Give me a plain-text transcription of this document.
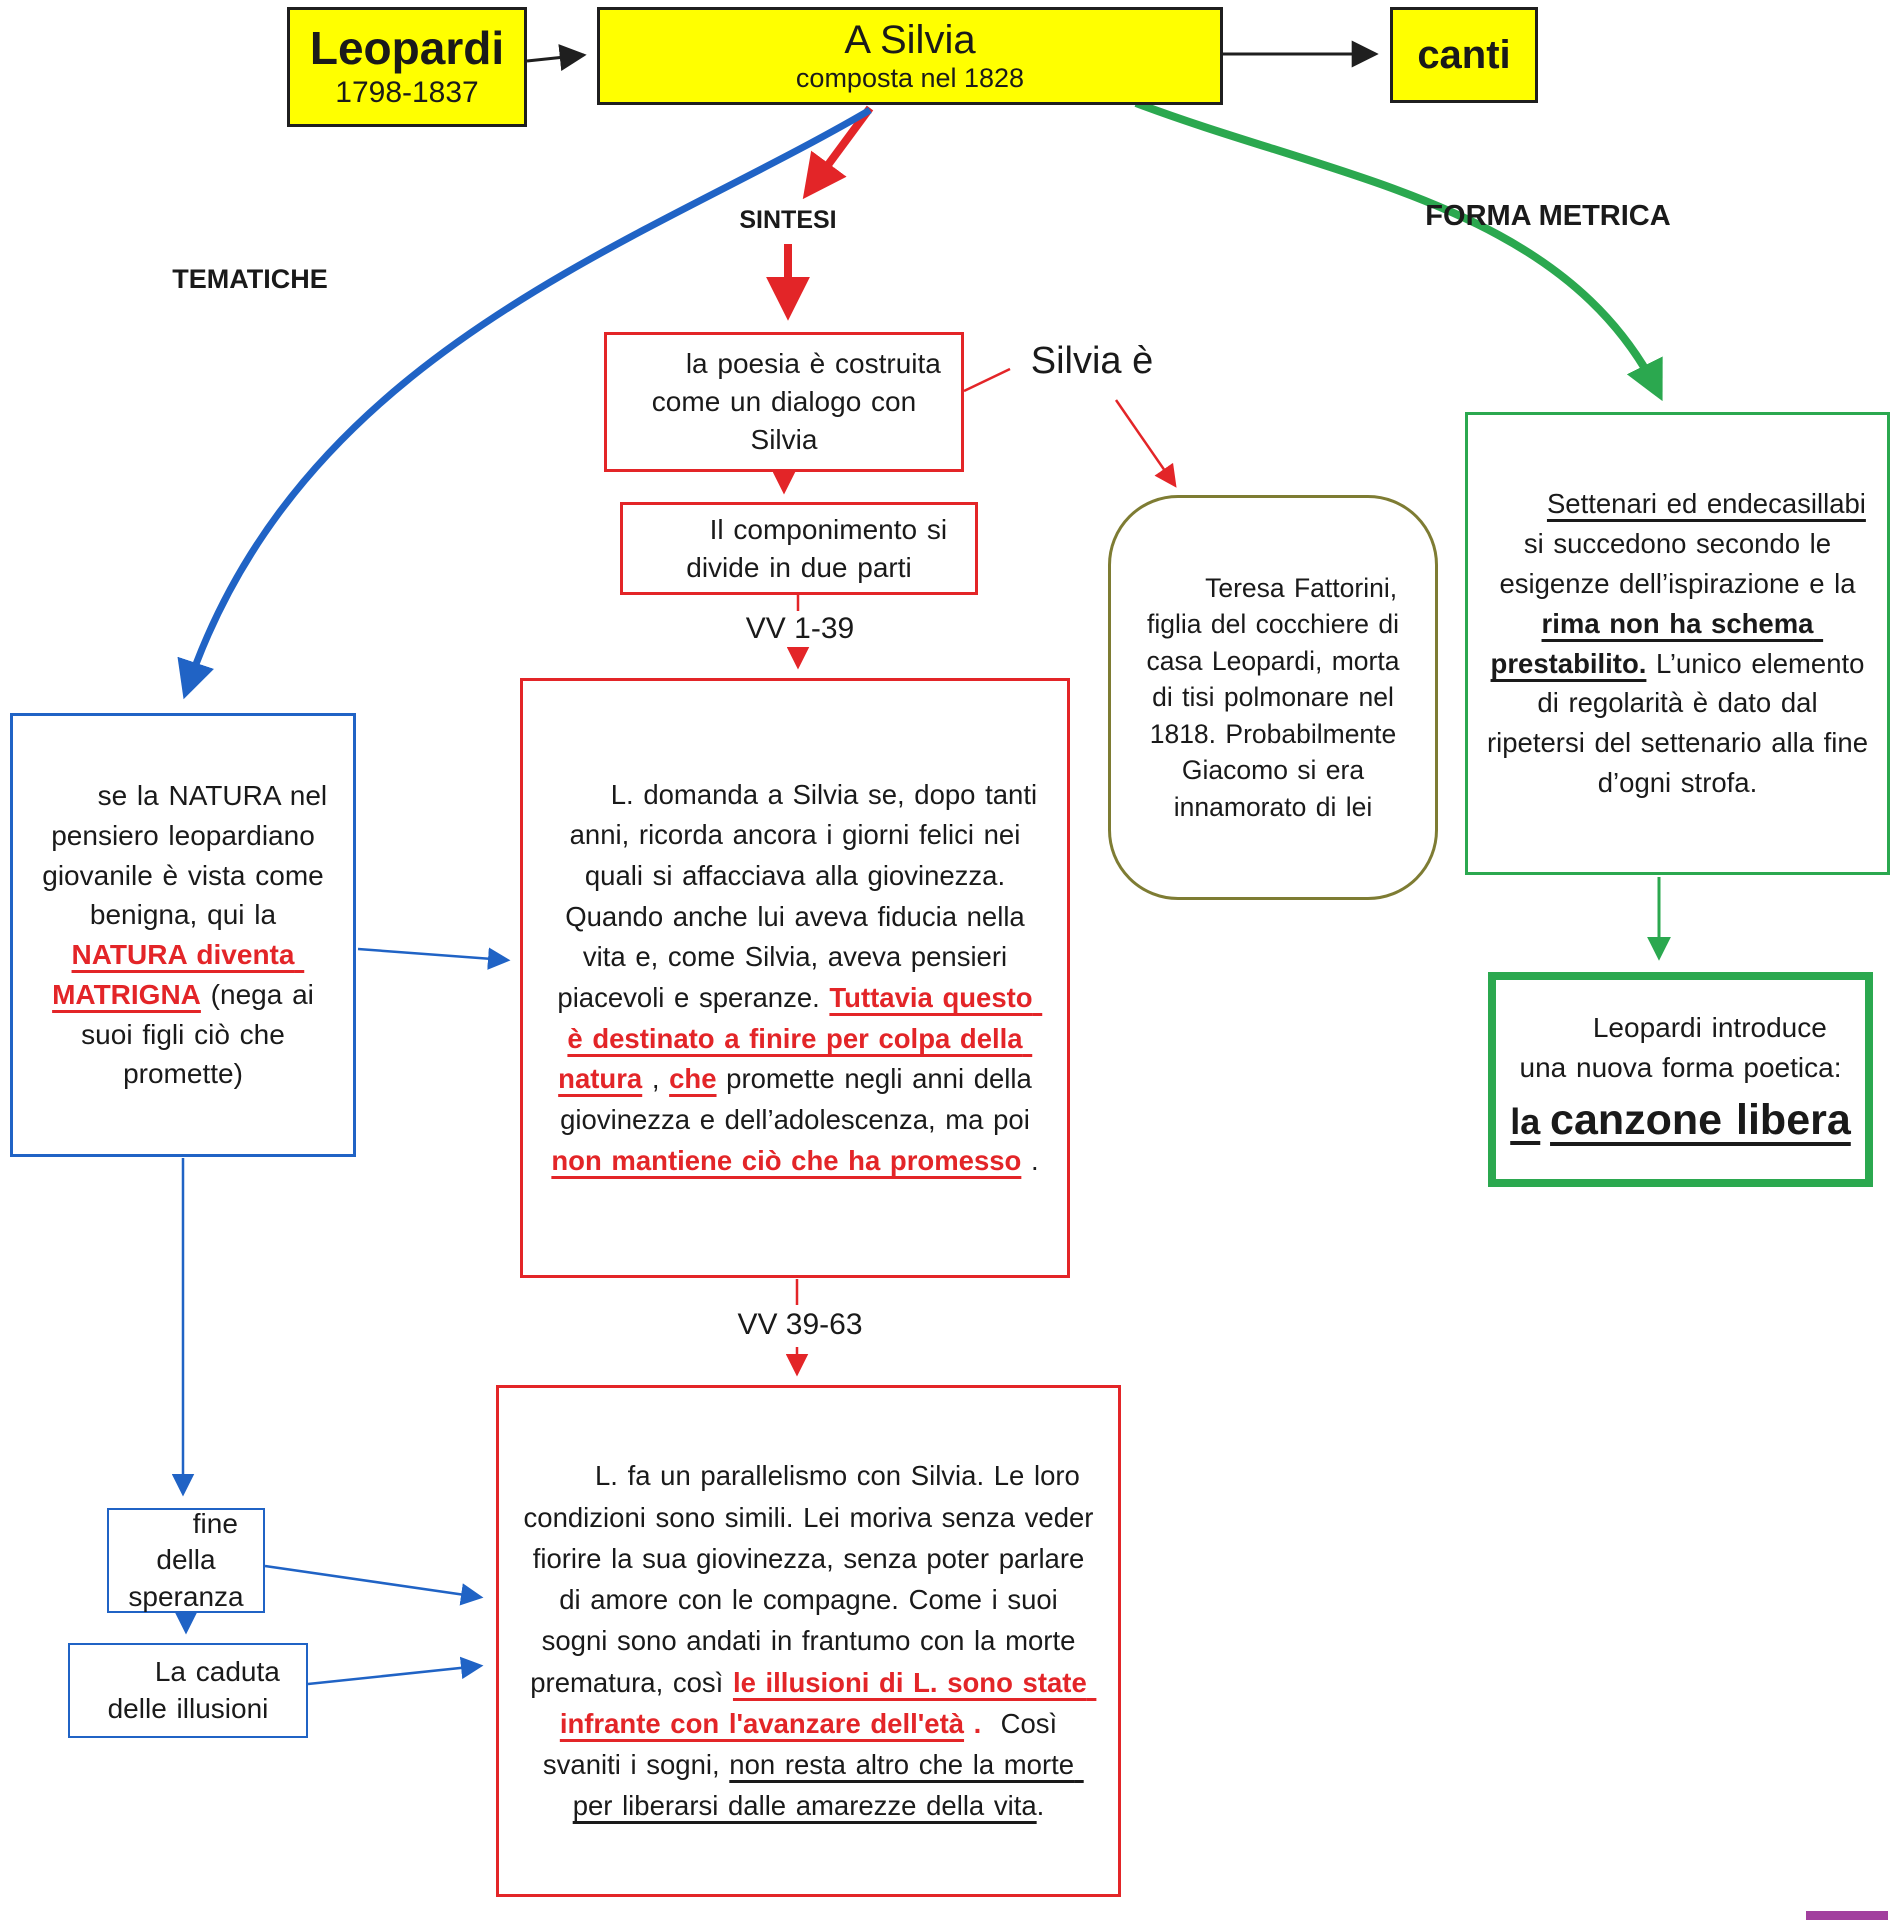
Leopardi
1798-1837
A Silvia
composta nel 1828
canti
TEMATICHE
SINTESI	FORMA METRICA
Silvia è

la poesia è costruita come un dialogo con Silvia

Il componimento si divide in due parti

VV 1-39

Teresa Fattorini, figlia del cocchiere di casa Leopardi, morta di tisi polmonare nel 1818. Probabilmente Giacomo si era innamorato di lei

L. domanda a Silvia se, dopo tanti anni, ricorda ancora i giorni felici nei quali si affacciava alla giovinezza. Quando anche lui aveva fiducia nella vita e, come Silvia, aveva pensieri piacevoli e speranze. Tuttavia questo è destinato a finire per colpa della natura , che promette negli anni della giovinezza e dell’adolescenza, ma poi non mantiene ciò che ha promesso .

VV 39-63

L. fa un parallelismo con Silvia. Le loro condizioni sono simili. Lei moriva senza veder fiorire la sua giovinezza, senza poter parlare di amore con le compagne. Come i suoi sogni sono andati in frantumo con la morte prematura, così le illusioni di L. sono state infrante con l'avanzare dell'età .  Così svaniti i sogni, non resta altro che la morte per liberarsi dalle amarezze della vita.

se la NATURA nel pensiero leopardiano giovanile è vista come benigna, qui la NATURA diventa MATRIGNA (nega ai suoi figli ciò che promette)

fine della speranza

La caduta delle illusioni

Settenari ed endecasillabi si succedono secondo le esigenze dell’ispirazione e la rima non ha schema prestabilito. L’unico elemento di regolarità è dato dal ripetersi del settenario alla fine d’ogni strofa.

Leopardi introduce una nuova forma poetica: la canzone libera
